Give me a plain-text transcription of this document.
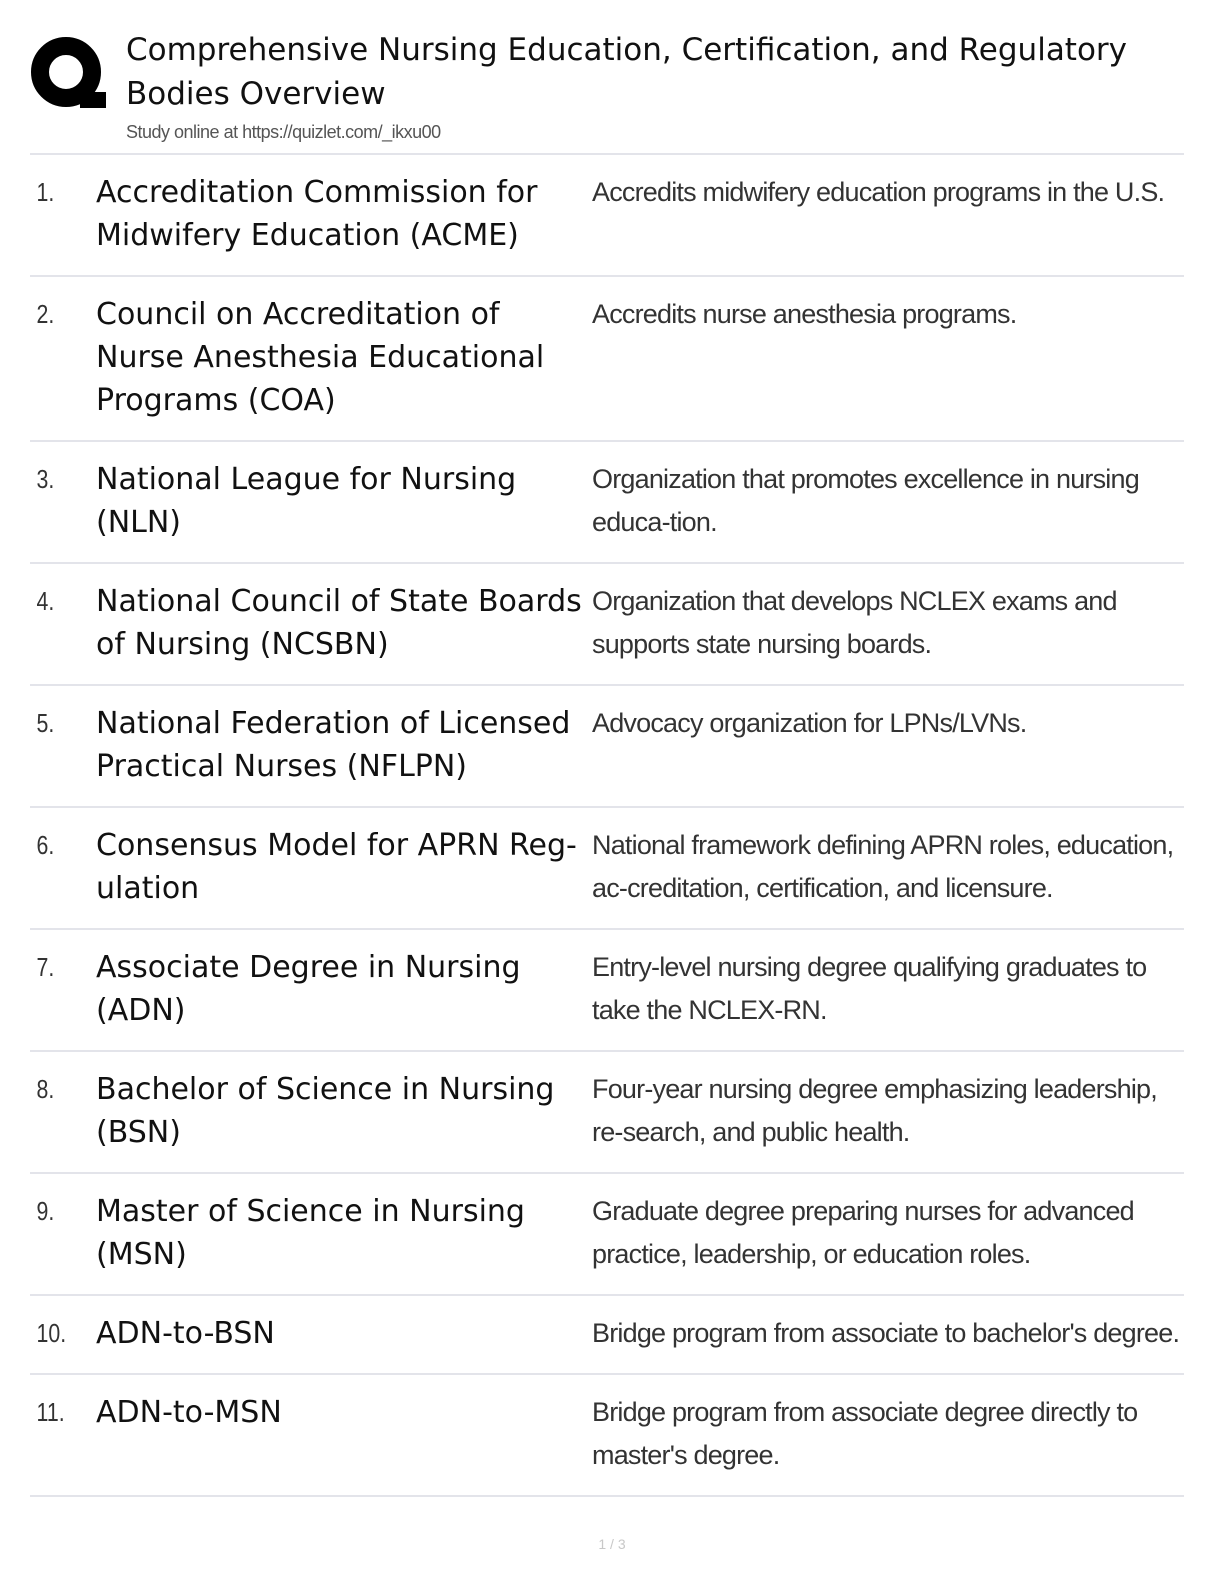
Comprehensive Nursing Education, Certification, and Regulatory Bodies Overview
Study online at https://quizlet.com/_ikxu00
1.	Accreditation Commission for Midwifery Education (ACME)
Accredits midwifery education programs in the U.S.
2.	Council on Accreditation of Nurse Anesthesia Educational Programs (COA)
Accredits nurse anesthesia programs.
3.	National League for Nursing (NLN)
Organization that promotes excellence in nursing educa-tion.
4.	National Council of State Boards of Nursing (NCSBN)
Organization that develops NCLEX exams and supports state nursing boards.
5.	National Federation of Licensed Practical Nurses (NFLPN)
Advocacy organization for LPNs/LVNs.
6.	Consensus Model for APRN Reg-ulation
National framework defining APRN roles, education, ac-creditation, certification, and licensure.
7.	Associate Degree in Nursing (ADN)
Entry-level nursing degree qualifying graduates to take the NCLEX-RN.
8.	Bachelor of Science in Nursing (BSN)
Four-year nursing degree emphasizing leadership, re-search, and public health.
9.	Master of Science in Nursing (MSN)
Graduate degree preparing nurses for advanced practice, leadership, or education roles.
10. ADN-to-BSN	Bridge program from associate to bachelor's degree.
11.	ADN-to-MSN	Bridge program from associate degree directly to master's degree.
1 / 3
